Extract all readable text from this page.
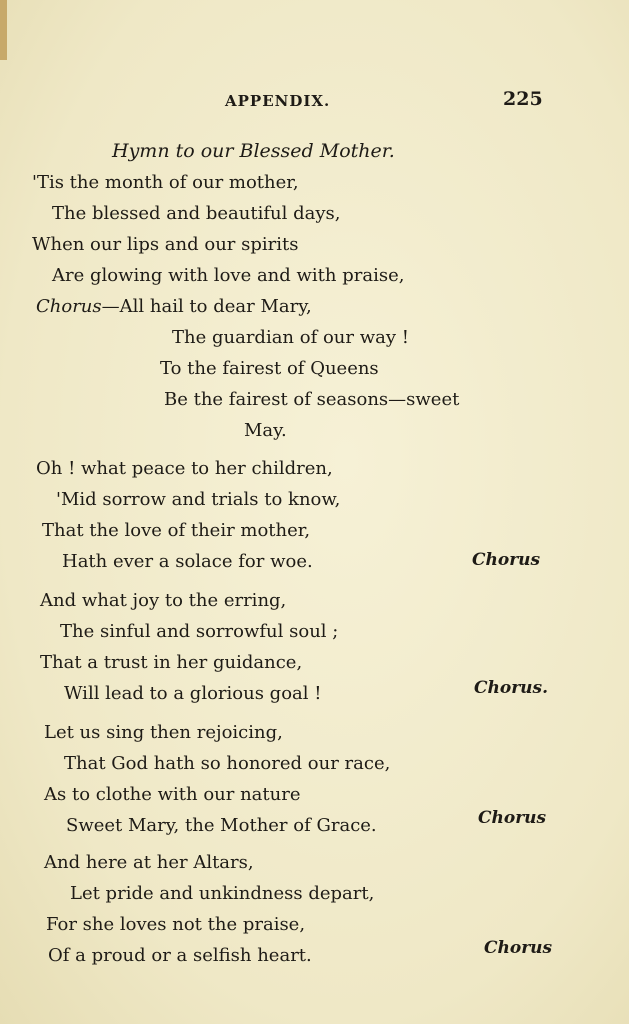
APPENDIX.	225
Hymn to our Blessed Mother.
'Tis the month of our mother,
The blessed and beautiful days,
When our lips and our spirits
Are glowing with love and with praise,
Chorus—All hail to dear Mary,
The guardian of our way !
To the fairest of Queens
Be the fairest of seasons—sweet
May.
Oh ! what peace to her children,
'Mid sorrow and trials to know,
That the love of their mother,
Hath ever a solace for woe.	Chorus
And what joy to the erring,
The sinful and sorrowful soul ;
That a trust in her guidance,
Will lead to a glorious goal !	Chorus.
Let us sing then rejoicing,
That God hath so honored our race,
As to clothe with our nature
Sweet Mary, the Mother of Grace.	Chorus
And here at her Altars,
Let pride and unkindness depart,
For she loves not the praise,
Of a proud or a selfish heart.	Chorus
